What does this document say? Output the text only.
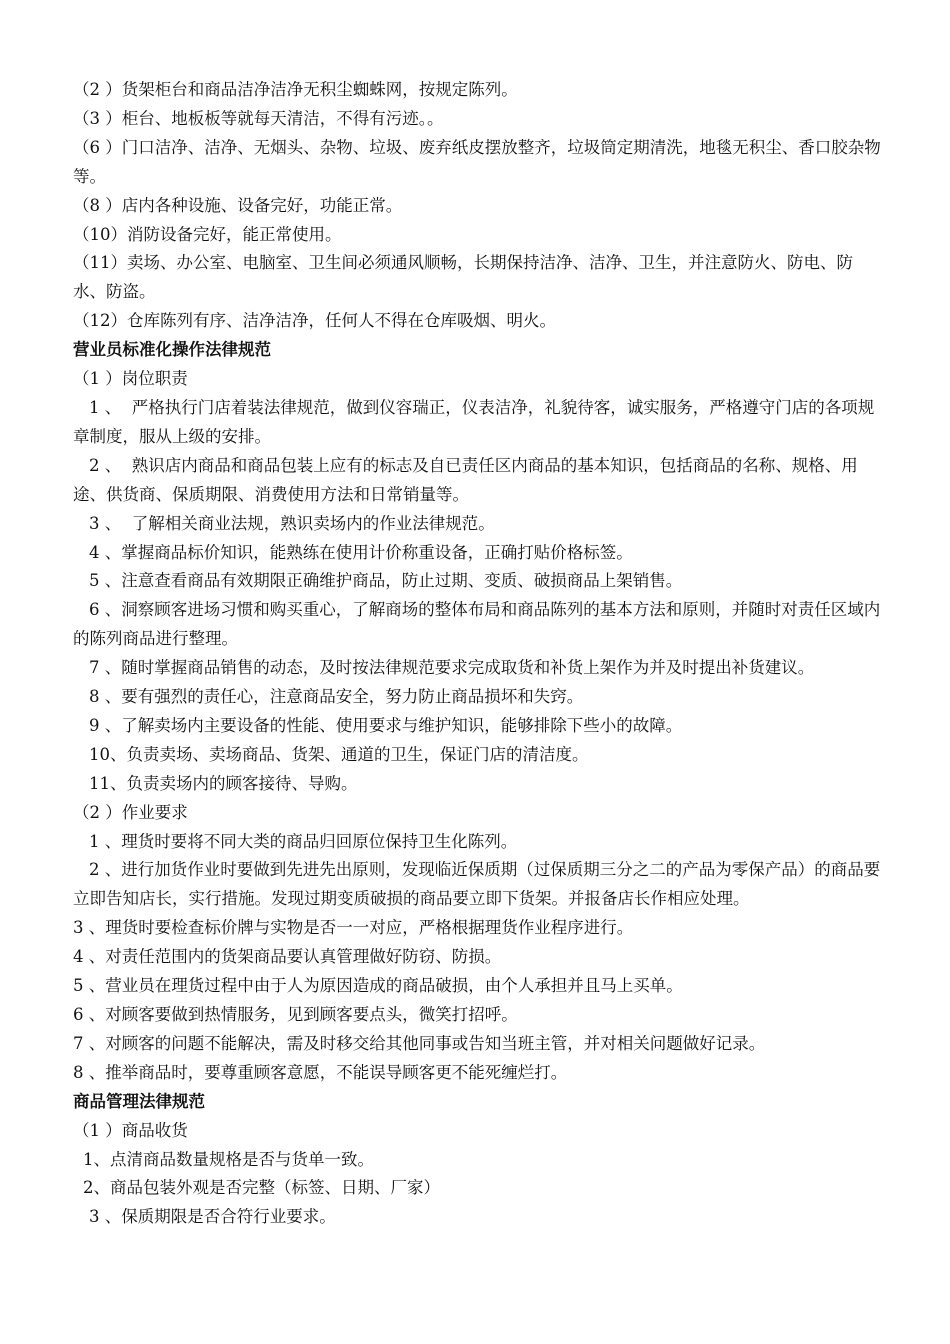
（2 ）货架柜台和商品洁净洁净无积尘蜘蛛网，按规定陈列。

（3 ）柜台、地板板等就每天清洁，不得有污迹。。

（6 ）门口洁净、洁净、无烟头、杂物、垃圾、废弃纸皮摆放整齐，垃圾筒定期清洗，地毯无积尘、香口胶杂物等。

（8 ）店内各种设施、设备完好，功能正常。

（10）消防设备完好，能正常使用。

（11）卖场、办公室、电脑室、卫生间必须通风顺畅，长期保持洁净、洁净、卫生，并注意防火、防电、防水、防盗。

（12）仓库陈列有序、洁净洁净，任何人不得在仓库吸烟、明火。

营业员标准化操作法律规范

（1 ）岗位职责

1 、  严格执行门店着装法律规范，做到仪容瑞正，仪表洁净，礼貌待客，诚实服务，严格遵守门店的各项规章制度，服从上级的安排。

2 、  熟识店内商品和商品包装上应有的标志及自已责任区内商品的基本知识，包括商品的名称、规格、用途、供货商、保质期限、消费使用方法和日常销量等。

3 、  了解相关商业法规，熟识卖场内的作业法律规范。

4 、掌握商品标价知识，能熟练在使用计价称重设备，正确打贴价格标签。

5 、注意查看商品有效期限正确维护商品，防止过期、变质、破损商品上架销售。

6 、洞察顾客进场习惯和购买重心，了解商场的整体布局和商品陈列的基本方法和原则，并随时对责任区域内的陈列商品进行整理。

7 、随时掌握商品销售的动态，及时按法律规范要求完成取货和补货上架作为并及时提出补货建议。

8 、要有强烈的责任心，注意商品安全，努力防止商品损坏和失窍。

9 、了解卖场内主要设备的性能、使用要求与维护知识，能够排除下些小的故障。

10、负责卖场、卖场商品、货架、通道的卫生，保证门店的清洁度。

11、负责卖场内的顾客接待、导购。

（2 ）作业要求

1 、理货时要将不同大类的商品归回原位保持卫生化陈列。

2 、进行加货作业时要做到先进先出原则，发现临近保质期（过保质期三分之二的产品为零保产品）的商品要立即告知店长，实行措施。发现过期变质破损的商品要立即下货架。并报备店长作相应处理。

3 、理货时要检查标价牌与实物是否一一对应，严格根据理货作业程序进行。

4 、对责任范围内的货架商品要认真管理做好防窃、防损。

5 、营业员在理货过程中由于人为原因造成的商品破损，由个人承担并且马上买单。

6 、对顾客要做到热情服务，见到顾客要点头，微笑打招呼。

7 、对顾客的问题不能解决，需及时移交给其他同事或告知当班主管，并对相关问题做好记录。

8 、推举商品时，要尊重顾客意愿，不能误导顾客更不能死缠烂打。

商品管理法律规范

（1 ）商品收货

1、点清商品数量规格是否与货单一致。

2、商品包装外观是否完整（标签、日期、厂家）

3 、保质期限是否合符行业要求。
